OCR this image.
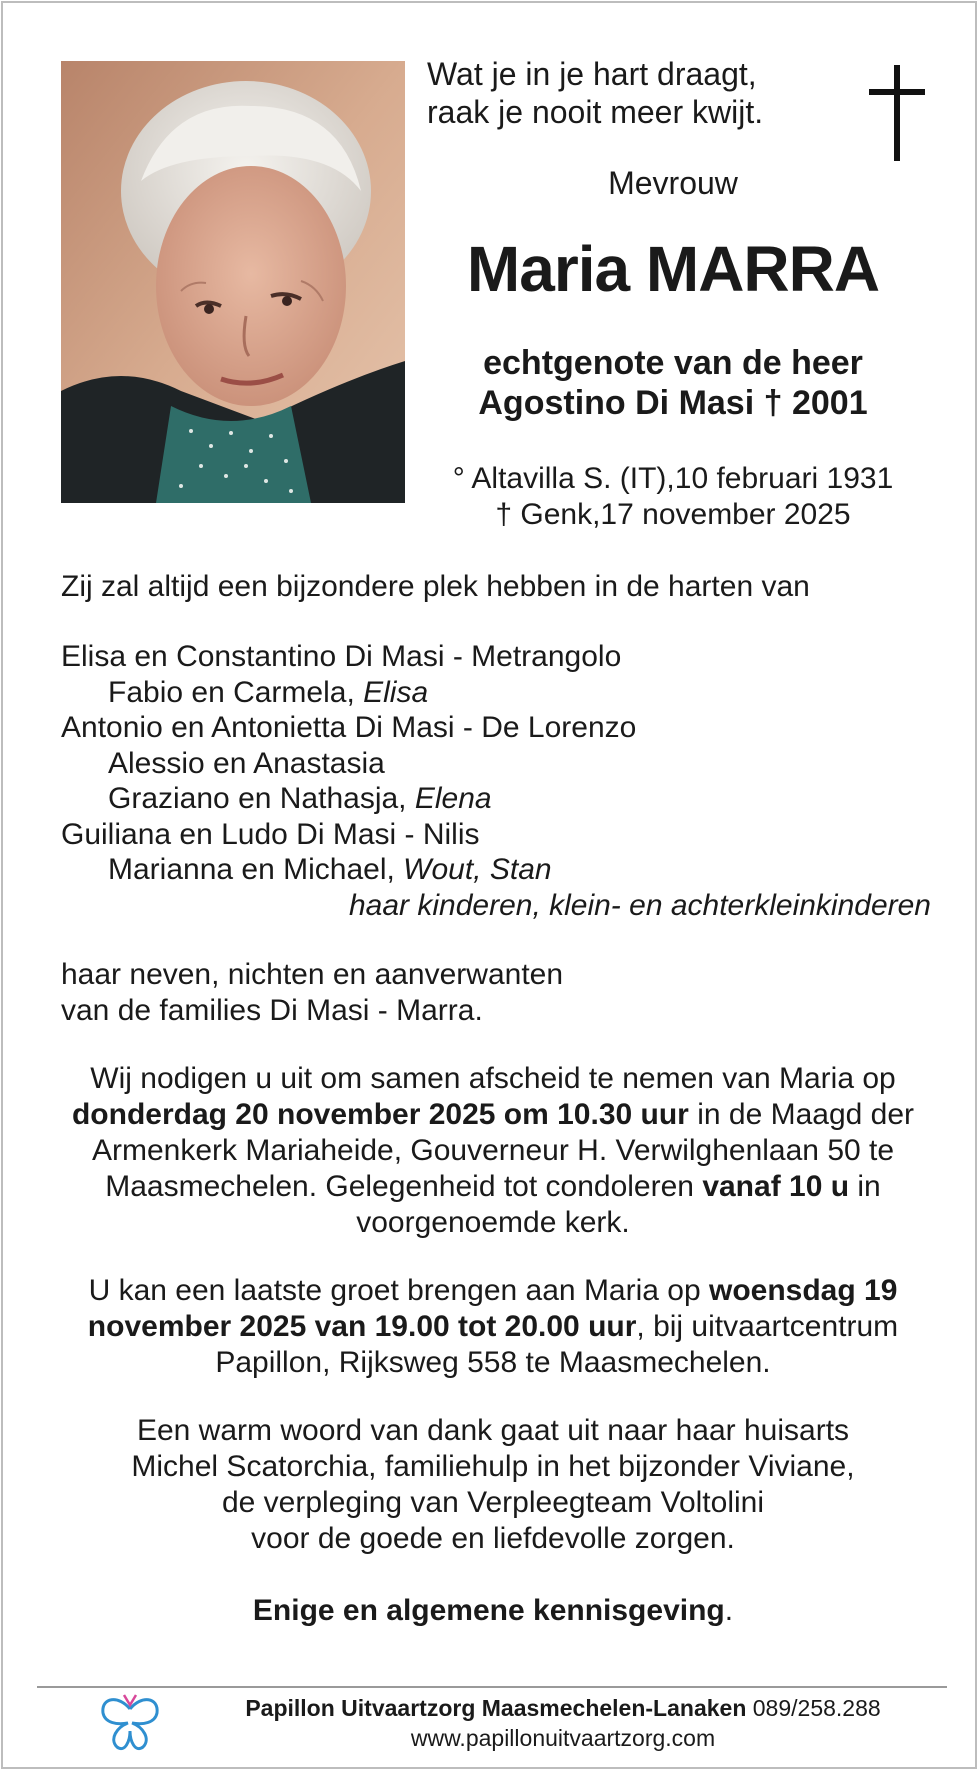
Wat je in je hart draagt,
raak je nooit meer kwijt.
Mevrouw
Maria MARRA
echtgenote van de heer
Agostino Di Masi † 2001
° Altavilla S. (IT),10 februari 1931
† Genk,17 november 2025
Zij zal altijd een bijzondere plek hebben in de harten van
Elisa en Constantino Di Masi - Metrangolo
Fabio en Carmela, Elisa
Antonio en Antonietta Di Masi - De Lorenzo
Alessio en Anastasia
Graziano en Nathasja, Elena
Guiliana en Ludo Di Masi - Nilis
Marianna en Michael, Wout, Stan
haar kinderen, klein- en achterkleinkinderen
haar neven, nichten en aanverwanten
van de families Di Masi - Marra.
Wij nodigen u uit om samen afscheid te nemen van Maria op donderdag 20 november 2025 om 10.30 uur in de Maagd der Armenkerk Mariaheide, Gouverneur H. Verwilghenlaan 50 te Maasmechelen. Gelegenheid tot condoleren vanaf 10 u in voorgenoemde kerk.
U kan een laatste groet brengen aan Maria op woensdag 19 november 2025 van 19.00 tot 20.00 uur, bij uitvaartcentrum Papillon, Rijksweg 558 te Maasmechelen.
Een warm woord van dank gaat uit naar haar huisarts
Michel Scatorchia, familiehulp in het bijzonder Viviane,
de verpleging van Verpleegteam Voltolini
voor de goede en liefdevolle zorgen.
Enige en algemene kennisgeving.
Papillon Uitvaartzorg Maasmechelen-Lanaken 089/258.288
www.papillonuitvaartzorg.com
